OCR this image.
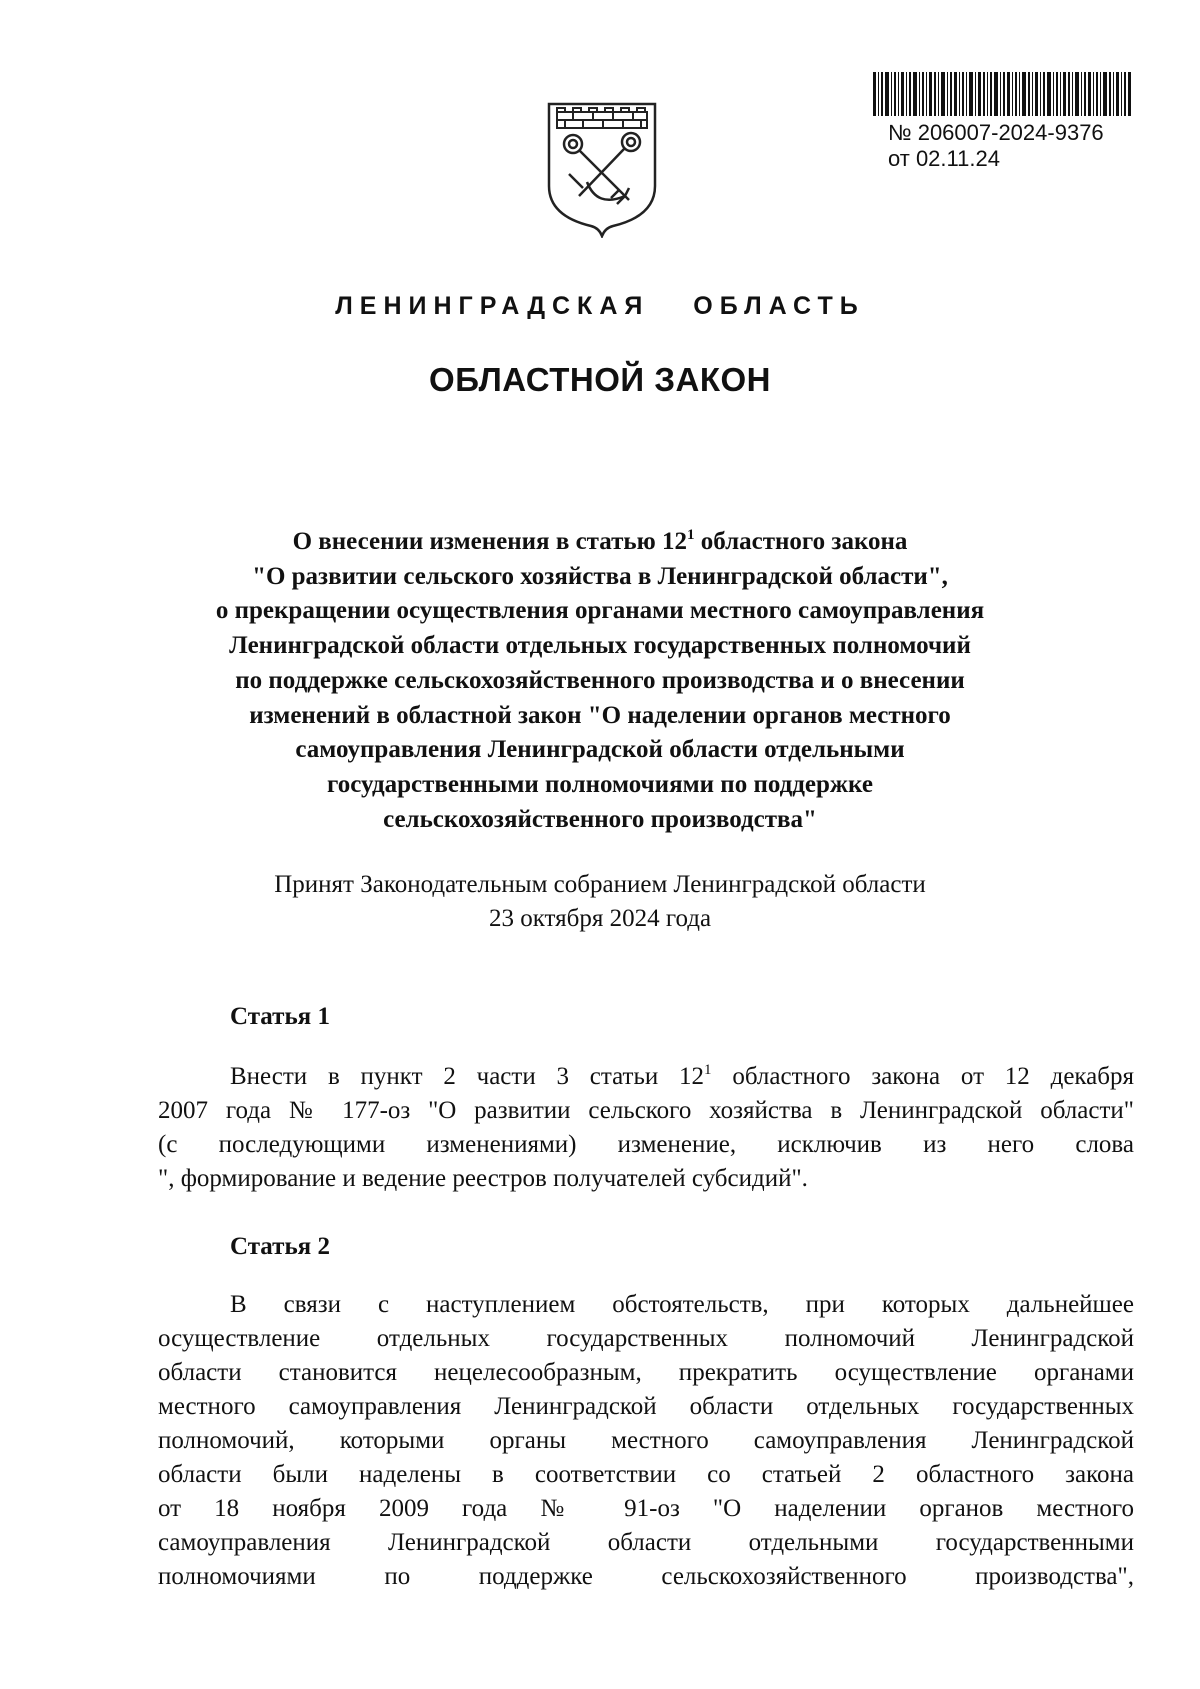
№ 206007-2024-9376
от 02.11.24
ЛЕНИНГРАДСКАЯ ОБЛАСТЬ
ОБЛАСТНОЙ ЗАКОН
О внесении изменения в статью $12^1$ областного закона
"О развитии сельского хозяйства в Ленинградской области",
о прекращении осуществления органами местного самоуправления
Ленинградской области отдельных государственных полномочий
по поддержке сельскохозяйственного производства и о внесении
изменений в областной закон "О наделении органов местного
самоуправления Ленинградской области отдельными
государственными полномочиями по поддержке
сельскохозяйственного производства"
Принят Законодательным собранием Ленинградской области
23 октября 2024 года
Статья 1
Внести в пункт 2 части 3 статьи $12^1$ областного закона от 12 декабря
2007 года № 177-оз "О развитии сельского хозяйства в Ленинградской области"
(с последующими изменениями) изменение, исключив из него слова
", формирование и ведение реестров получателей субсидий".
Статья 2
В связи с наступлением обстоятельств, при которых дальнейшее
осуществление отдельных государственных полномочий Ленинградской
области становится нецелесообразным, прекратить осуществление органами
местного самоуправления Ленинградской области отдельных государственных
полномочий, которыми органы местного самоуправления Ленинградской
области были наделены в соответствии со статьей 2 областного закона
от 18 ноября 2009 года № 91-оз "О наделении органов местного
самоуправления Ленинградской области отдельными государственными
полномочиями по поддержке сельскохозяйственного производства",
